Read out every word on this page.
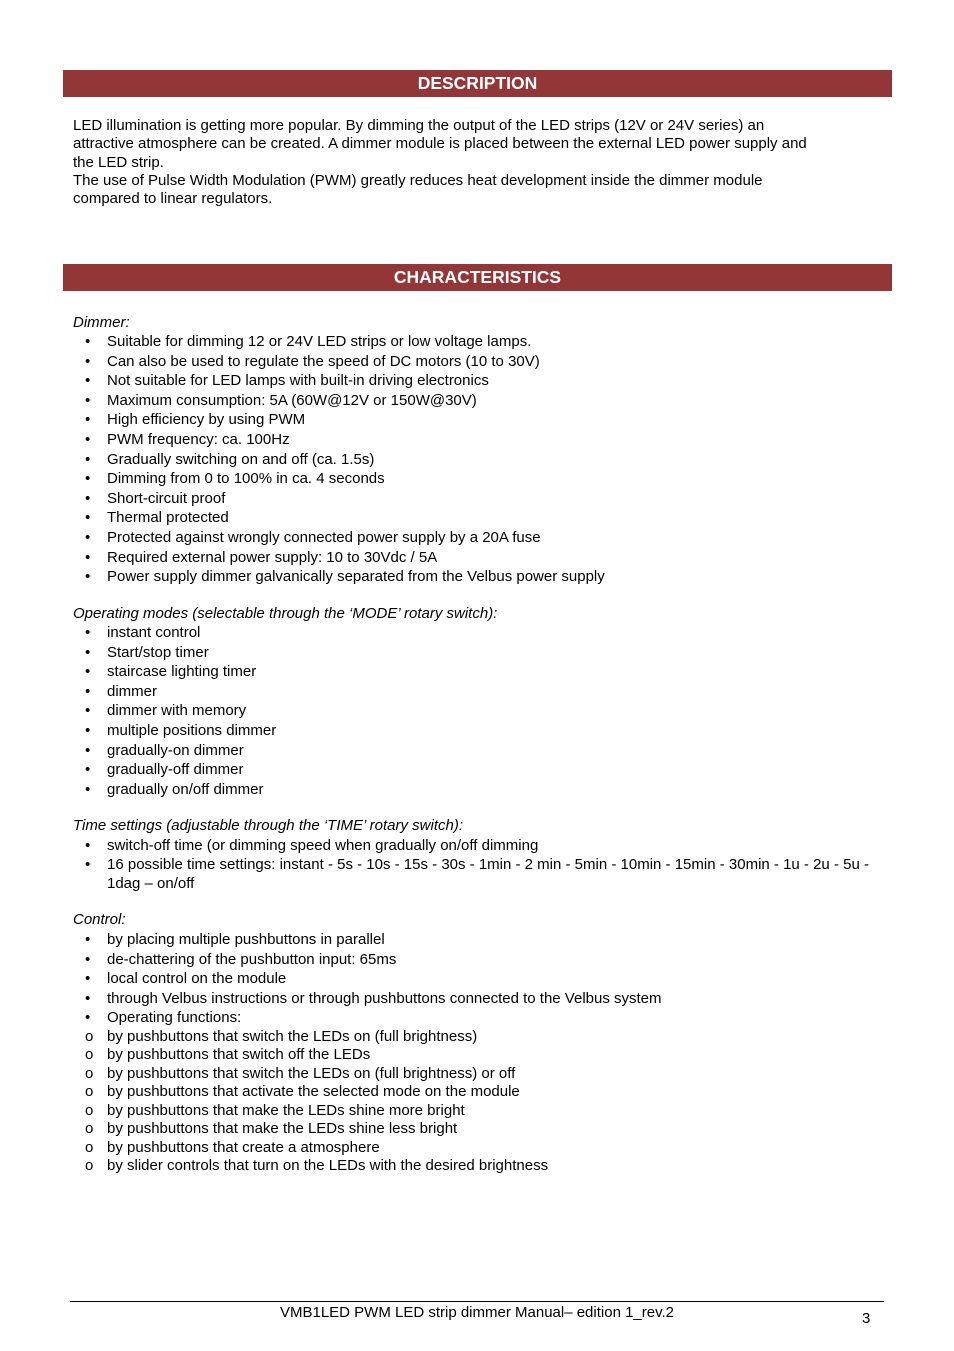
DESCRIPTION
LED illumination is getting more popular. By dimming the output of the LED strips (12V or 24V series) an
attractive atmosphere can be created. A dimmer module is placed between the external LED power supply and
the LED strip.
The use of Pulse Width Modulation (PWM) greatly reduces heat development inside the dimmer module
compared to linear regulators.
CHARACTERISTICS

Dimmer:

• Suitable for dimming 12 or 24V LED strips or low voltage lamps.
• Can also be used to regulate the speed of DC motors (10 to 30V)
• Not suitable for LED lamps with built-in driving electronics
• Maximum consumption: 5A (60W@12V or 150W@30V)
• High efficiency by using PWM
• PWM frequency: ca. 100Hz
• Gradually switching on and off (ca. 1.5s)
• Dimming from 0 to 100% in ca. 4 seconds
• Short-circuit proof
• Thermal protected
• Protected against wrongly connected power supply by a 20A fuse
• Required external power supply: 10 to 30Vdc / 5A
• Power supply dimmer galvanically separated from the Velbus power supply

Operating modes (selectable through the ‘MODE’ rotary switch):

• instant control
• Start/stop timer
• staircase lighting timer
• dimmer
• dimmer with memory
• multiple positions dimmer
• gradually-on dimmer
• gradually-off dimmer
• gradually on/off dimmer

Time settings (adjustable through the ‘TIME’ rotary switch):

• switch-off time (or dimming speed when gradually on/off dimming
• 16 possible time settings: instant - 5s - 10s - 15s - 30s - 1min - 2 min - 5min - 10min - 15min - 30min - 1u - 2u - 5u - 1dag – on/off

Control:

• by placing multiple pushbuttons in parallel
• de-chattering of the pushbutton input: 65ms
• local control on the module
• through Velbus instructions or through pushbuttons connected to the Velbus system
• Operating functions:
o by pushbuttons that switch the LEDs on (full brightness)
o by pushbuttons that switch off the LEDs
o by pushbuttons that switch the LEDs on (full brightness) or off
o by pushbuttons that activate the selected mode on the module
o by pushbuttons that make the LEDs shine more bright
o by pushbuttons that make the LEDs shine less bright
o by pushbuttons that create a atmosphere
o by slider controls that turn on the LEDs with the desired brightness
VMB1LED PWM LED strip dimmer Manual– edition 1_rev.2	3
